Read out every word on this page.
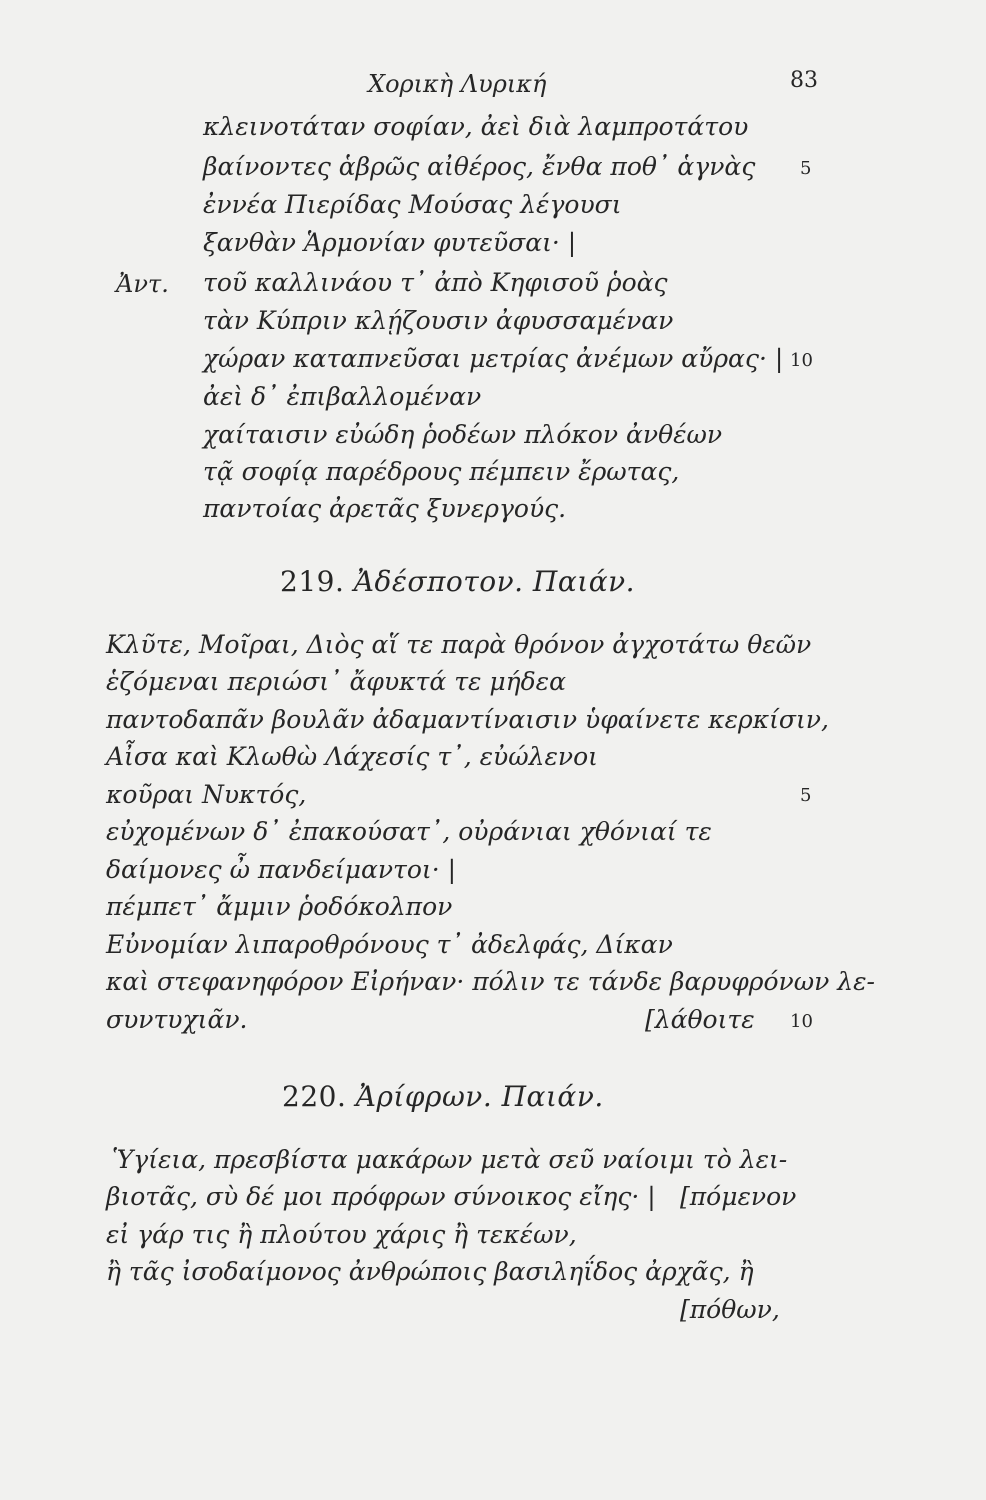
Χορικὴ Λυρική	83
κλεινοτάταν σοφίαν, ἀεὶ διὰ λαμπροτάτου
βαίνοντες ἁβρῶς αἰθέρος, ἔνθα ποθ᾽ ἁγνὰς 5
ἐννέα Πιερίδας Μούσας λέγουσι
ξανθὰν Ἁρμονίαν φυτεῦσαι· |
Ἀντ. τοῦ καλλινάου τ᾽ ἀπὸ Κηφισοῦ ῥοὰς
τὰν Κύπριν κλῄζουσιν ἀφυσσαμέναν
χώραν καταπνεῦσαι μετρίας ἀνέμων αὔρας· | 10
ἀεὶ δ᾽ ἐπιβαλλομέναν
χαίταισιν εὐώδη ῥοδέων πλόκον ἀνθέων
τᾷ σοφίᾳ παρέδρους πέμπειν ἔρωτας,
παντοίας ἀρετᾶς ξυνεργούς.
219. Ἀδέσποτον. Παιάν.
Κλῦτε, Μοῖραι, Διὸς αἵ τε παρὰ θρόνον ἀγχοτάτω θεῶν
ἑζόμεναι περιώσι᾽ ἄφυκτά τε μήδεα
παντοδαπᾶν βουλᾶν ἀδαμαντίναισιν ὑφαίνετε κερκίσιν,
Αἶσα καὶ Κλωθὼ Λάχεσίς τ᾽, εὐώλενοι
κοῦραι Νυκτός,	5
εὐχομένων δ᾽ ἐπακούσατ᾽, οὐράνιαι χθόνιαί τε
δαίμονες ὦ πανδείμαντοι· |
πέμπετ᾽ ἄμμιν ῥοδόκολπον
Εὐνομίαν λιπαροθρόνους τ᾽ ἀδελφάς, Δίκαν
καὶ στεφανηφόρον Εἰρήναν· πόλιν τε τάνδε βαρυφρόνων λε-
συντυχιᾶν.	[λάθοιτε 10
220. Ἀρίφρων. Παιάν.
Ὑγίεια, πρεσβίστα μακάρων μετὰ σεῦ ναίοιμι τὸ λει-
βιοτᾶς, σὺ δέ μοι πρόφρων σύνοικος εἴης· | [πόμενον
εἰ γάρ τις ἢ πλούτου χάρις ἢ τεκέων,
ἢ τᾶς ἰσοδαίμονος ἀνθρώποις βασιληΐδος ἀρχᾶς, ἢ
[πόθων,
